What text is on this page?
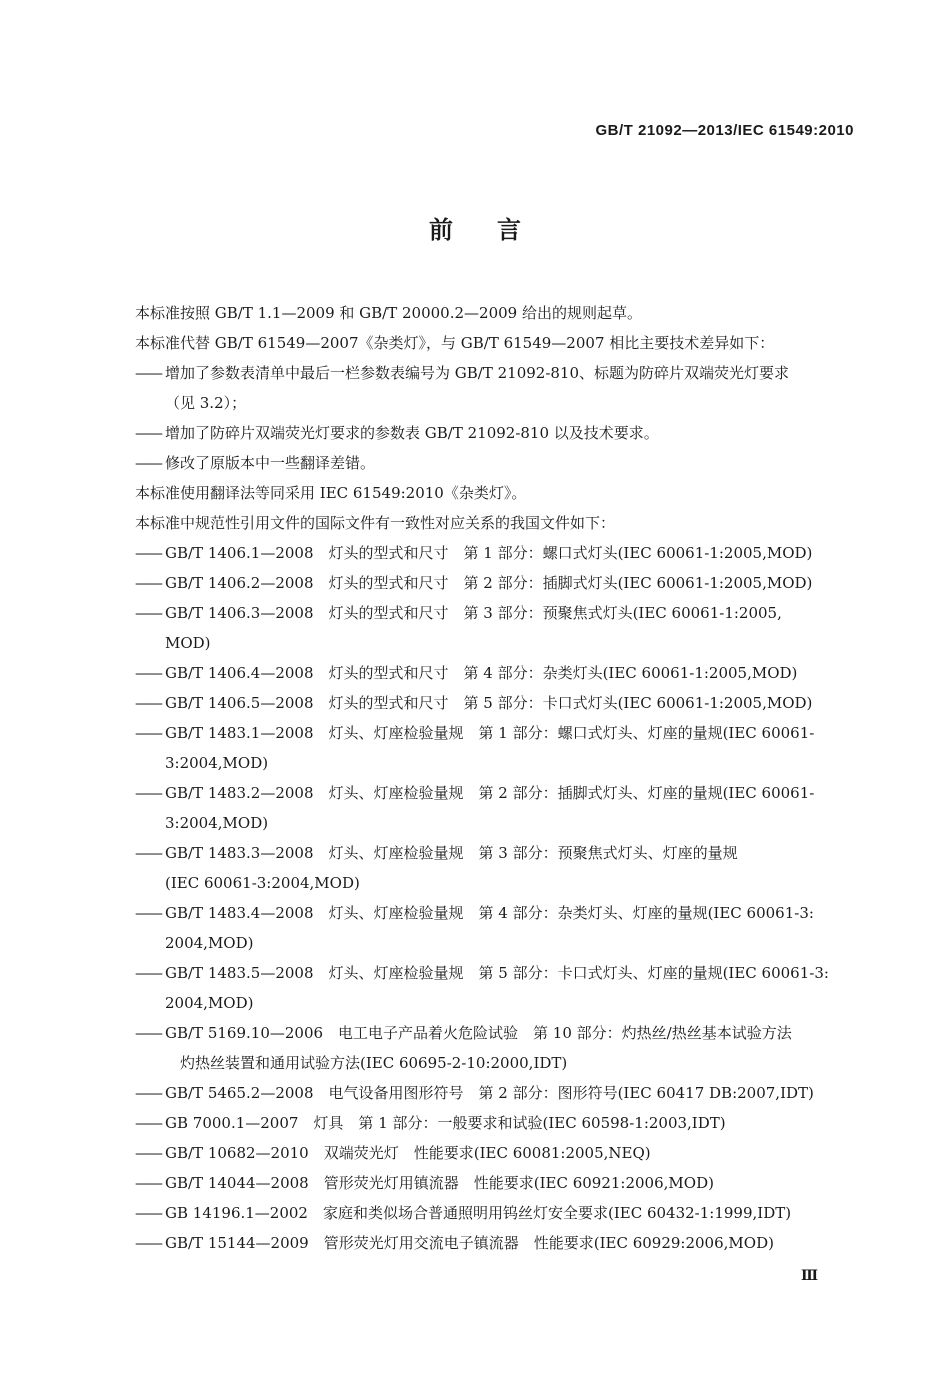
GB/T 21092—2013/IEC 61549:2010
前言
本标准按照 GB/T 1.1—2009 和 GB/T 20000.2—2009 给出的规则起草。
本标准代替 GB/T 61549—2007《杂类灯》，与 GB/T 61549—2007 相比主要技术差异如下：
—— 增加了参数表清单中最后一栏参数表编号为 GB/T 21092-810、标题为防碎片双端荧光灯要求
（见 3.2）；
—— 增加了防碎片双端荧光灯要求的参数表 GB/T 21092-810 以及技术要求。
—— 修改了原版本中一些翻译差错。
本标准使用翻译法等同采用 IEC 61549:2010《杂类灯》。
本标准中规范性引用文件的国际文件有一致性对应关系的我国文件如下：
—— GB/T 1406.1—2008　灯头的型式和尺寸　第 1 部分：螺口式灯头(IEC 60061-1:2005,MOD)
—— GB/T 1406.2—2008　灯头的型式和尺寸　第 2 部分：插脚式灯头(IEC 60061-1:2005,MOD)
—— GB/T 1406.3—2008　灯头的型式和尺寸　第 3 部分：预聚焦式灯头(IEC 60061-1:2005,
MOD)
—— GB/T 1406.4—2008　灯头的型式和尺寸　第 4 部分：杂类灯头(IEC 60061-1:2005,MOD)
—— GB/T 1406.5—2008　灯头的型式和尺寸　第 5 部分：卡口式灯头(IEC 60061-1:2005,MOD)
—— GB/T 1483.1—2008　灯头、灯座检验量规　第 1 部分：螺口式灯头、灯座的量规(IEC 60061-
3:2004,MOD)
—— GB/T 1483.2—2008　灯头、灯座检验量规　第 2 部分：插脚式灯头、灯座的量规(IEC 60061-
3:2004,MOD)
—— GB/T 1483.3—2008　灯头、灯座检验量规　第 3 部分：预聚焦式灯头、灯座的量规
(IEC 60061-3:2004,MOD)
—— GB/T 1483.4—2008　灯头、灯座检验量规　第 4 部分：杂类灯头、灯座的量规(IEC 60061-3:
2004,MOD)
—— GB/T 1483.5—2008　灯头、灯座检验量规　第 5 部分：卡口式灯头、灯座的量规(IEC 60061-3:
2004,MOD)
—— GB/T 5169.10—2006　电工电子产品着火危险试验　第 10 部分：灼热丝/热丝基本试验方法
　灼热丝装置和通用试验方法(IEC 60695-2-10:2000,IDT)
—— GB/T 5465.2—2008　电气设备用图形符号　第 2 部分：图形符号(IEC 60417 DB:2007,IDT)
—— GB 7000.1—2007　灯具　第 1 部分：一般要求和试验(IEC 60598-1:2003,IDT)
—— GB/T 10682—2010　双端荧光灯　性能要求(IEC 60081:2005,NEQ)
—— GB/T 14044—2008　管形荧光灯用镇流器　性能要求(IEC 60921:2006,MOD)
—— GB 14196.1—2002　家庭和类似场合普通照明用钨丝灯安全要求(IEC 60432-1:1999,IDT)
—— GB/T 15144—2009　管形荧光灯用交流电子镇流器　性能要求(IEC 60929:2006,MOD)
Ⅲ
